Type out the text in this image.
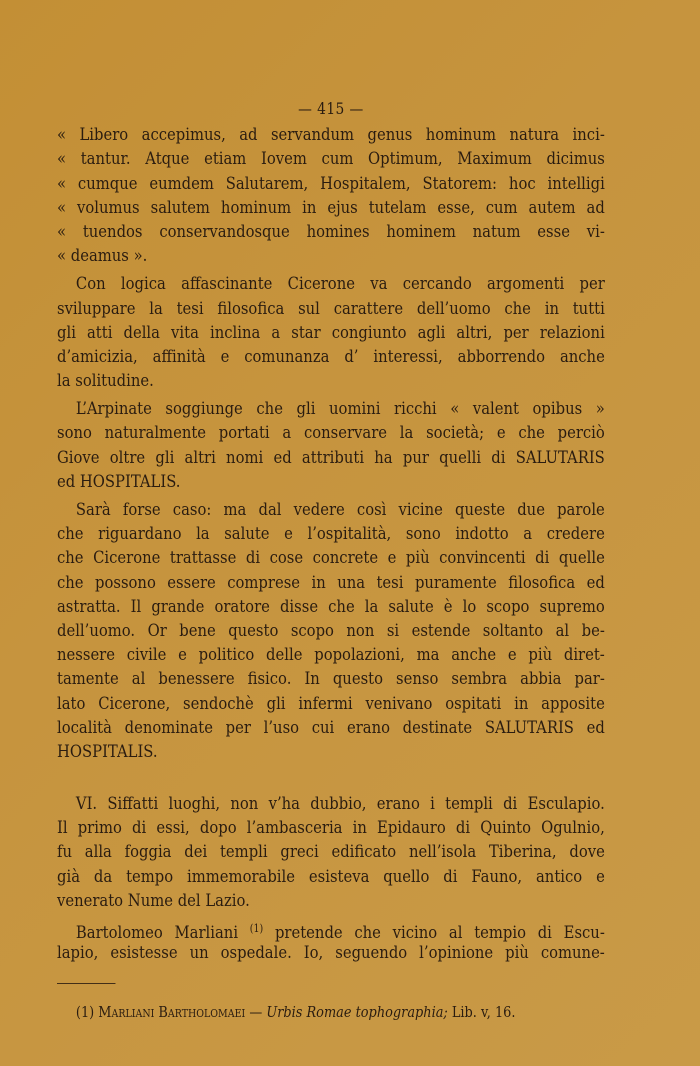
— 415 —
« Libero accepimus, ad servandum genus hominum natura inci-
« tantur. Atque etiam Iovem cum Optimum, Maximum dicimus
« cumque eumdem Salutarem, Hospitalem, Statorem: hoc intelligi
« volumus salutem hominum in ejus tutelam esse, cum autem ad
« tuendos conservandosque homines hominem natum esse vi-
« deamus ».
Con logica affascinante Cicerone va cercando argomenti per
sviluppare la tesi filosofica sul carattere dell’uomo che in tutti
gli atti della vita inclina a star congiunto agli altri, per relazioni
d’amicizia, affinità e comunanza d’ interessi, abborrendo anche
la solitudine.
L’Arpinate soggiunge che gli uomini ricchi « valent opibus »
sono naturalmente portati a conservare la società; e che perciò
Giove oltre gli altri nomi ed attributi ha pur quelli di SALUTARIS
ed HOSPITALIS.
Sarà forse caso: ma dal vedere così vicine queste due parole
che riguardano la salute e l’ospitalità, sono indotto a credere
che Cicerone trattasse di cose concrete e più convincenti di quelle
che possono essere comprese in una tesi puramente filosofica ed
astratta. Il grande oratore disse che la salute è lo scopo supremo
dell’uomo. Or bene questo scopo non si estende soltanto al be-
nessere civile e politico delle popolazioni, ma anche e più diret-
tamente al benessere fisico. In questo senso sembra abbia par-
lato Cicerone, sendochè gli infermi venivano ospitati in apposite
località denominate per l’uso cui erano destinate SALUTARIS ed
HOSPITALIS.
VI. Siffatti luoghi, non v’ha dubbio, erano i templi di Esculapio.
Il primo di essi, dopo l’ambasceria in Epidauro di Quinto Ogulnio,
fu alla foggia dei templi greci edificato nell’isola Tiberina, dove
già da tempo immemorabile esisteva quello di Fauno, antico e
venerato Nume del Lazio.
Bartolomeo Marliani $^{(1)}$ pretende che vicino al tempio di Escu-
lapio, esistesse un ospedale. Io, seguendo l’opinione più comune-
(1) Marliani Bartholomaei — Urbis Romae tophographia; Lib. v, 16.
